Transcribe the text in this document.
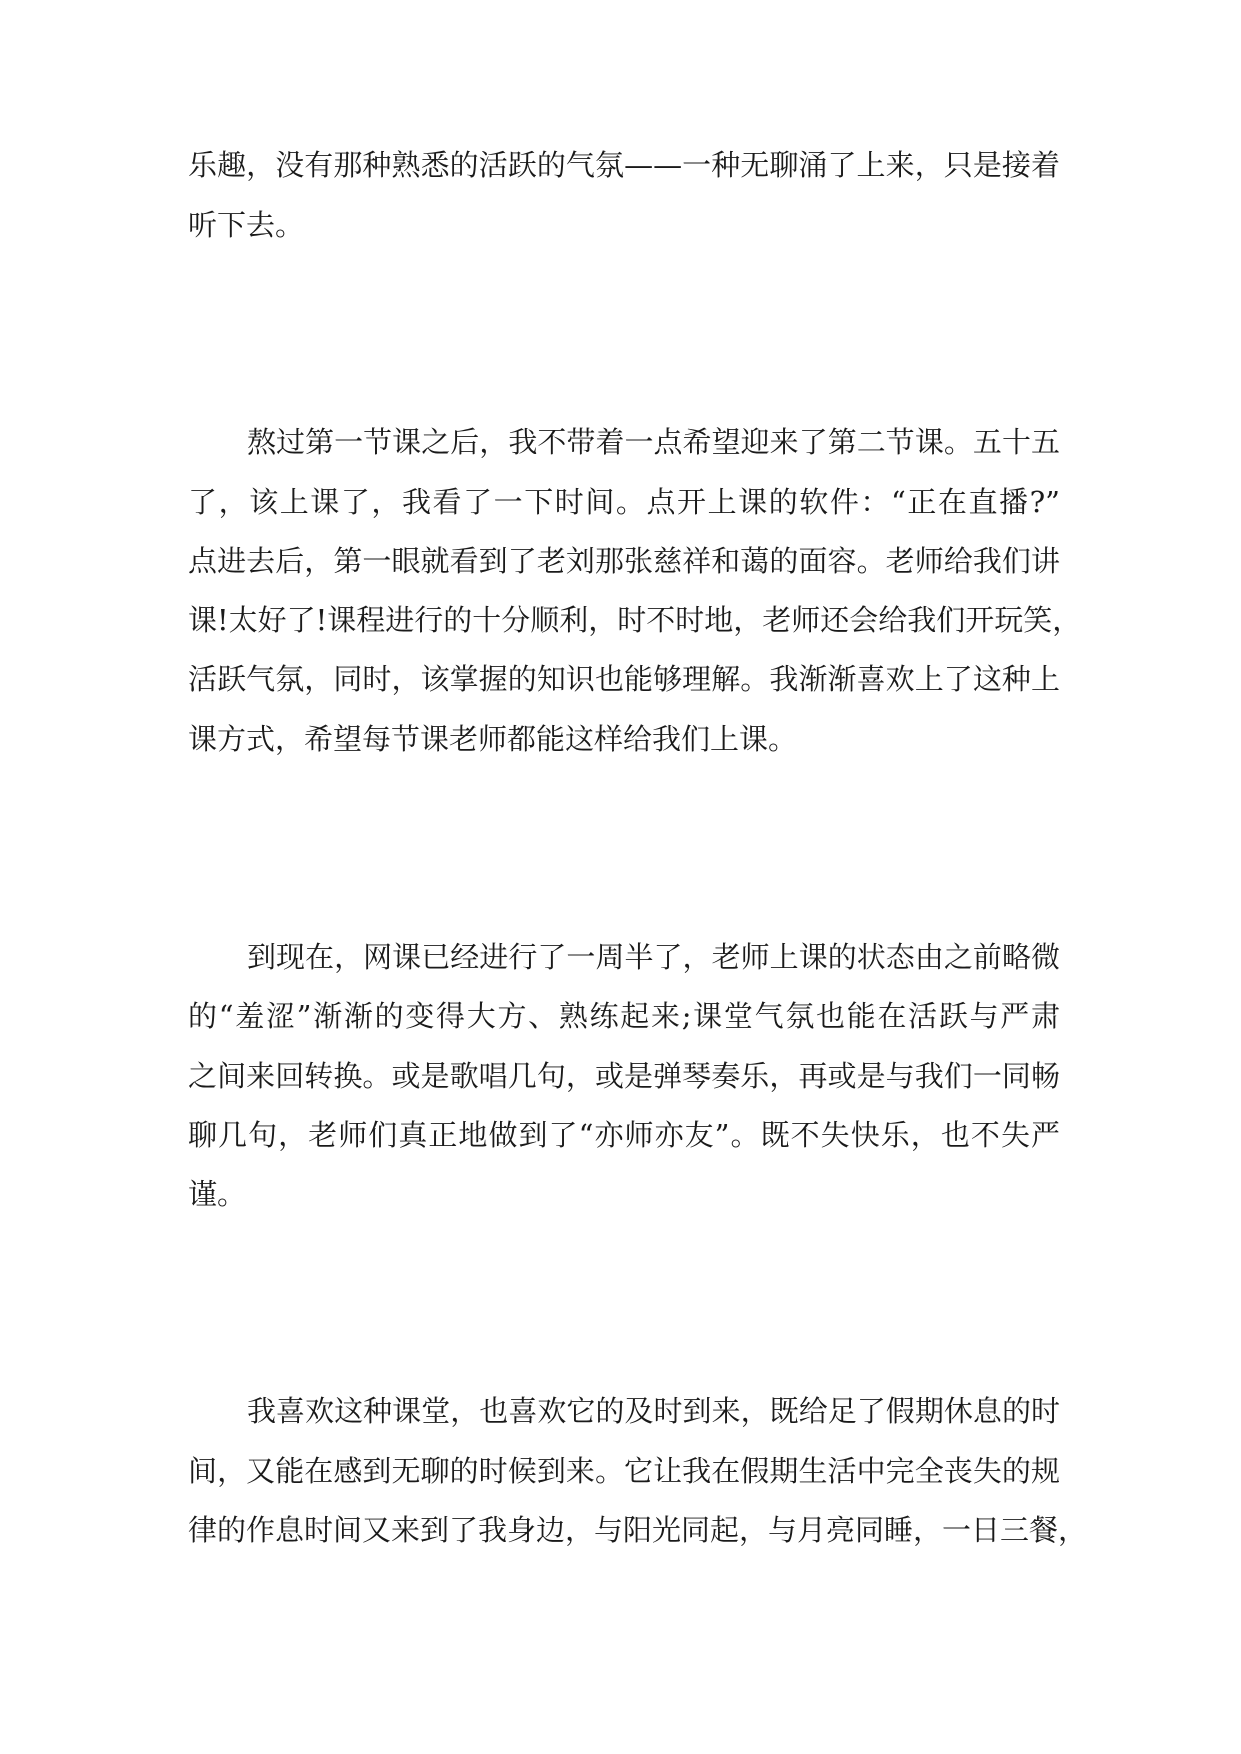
乐趣，没有那种熟悉的活跃的气氛——一种无聊涌了上来，只是接着
听下去。
熬过第一节课之后，我不带着一点希望迎来了第二节课。五十五
了，该上课了，我看了一下时间。点开上课的软件：“正在直播?”
点进去后，第一眼就看到了老刘那张慈祥和蔼的面容。老师给我们讲
课!太好了!课程进行的十分顺利，时不时地，老师还会给我们开玩笑，
活跃气氛，同时，该掌握的知识也能够理解。我渐渐喜欢上了这种上
课方式，希望每节课老师都能这样给我们上课。
到现在，网课已经进行了一周半了，老师上课的状态由之前略微
的“羞涩”渐渐的变得大方、熟练起来;课堂气氛也能在活跃与严肃
之间来回转换。或是歌唱几句，或是弹琴奏乐，再或是与我们一同畅
聊几句，老师们真正地做到了“亦师亦友”。既不失快乐，也不失严
谨。
我喜欢这种课堂，也喜欢它的及时到来，既给足了假期休息的时
间，又能在感到无聊的时候到来。它让我在假期生活中完全丧失的规
律的作息时间又来到了我身边，与阳光同起，与月亮同睡，一日三餐，
